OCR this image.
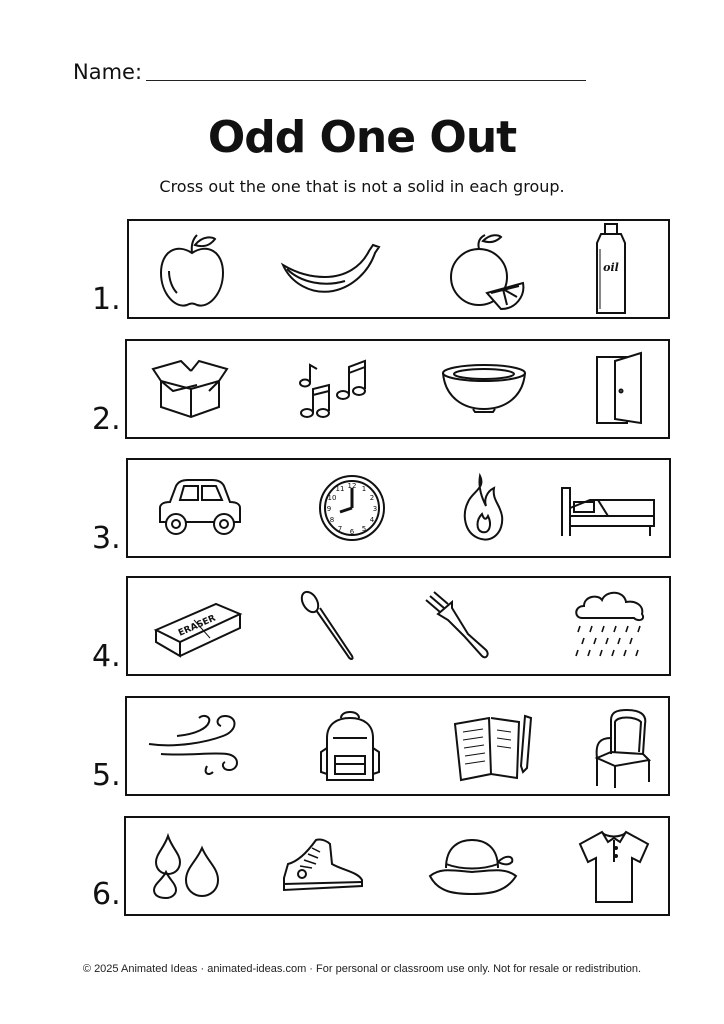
Name:
Odd One Out
Cross out the one that is not a solid in each group.
1.
oil
2.
3.
12 1
2
3
4
5
6
7
8
9
10
11
4.
ERASER
5.
6.
© 2025 Animated Ideas · animated-ideas.com · For personal or classroom use only. Not for resale or redistribution.
